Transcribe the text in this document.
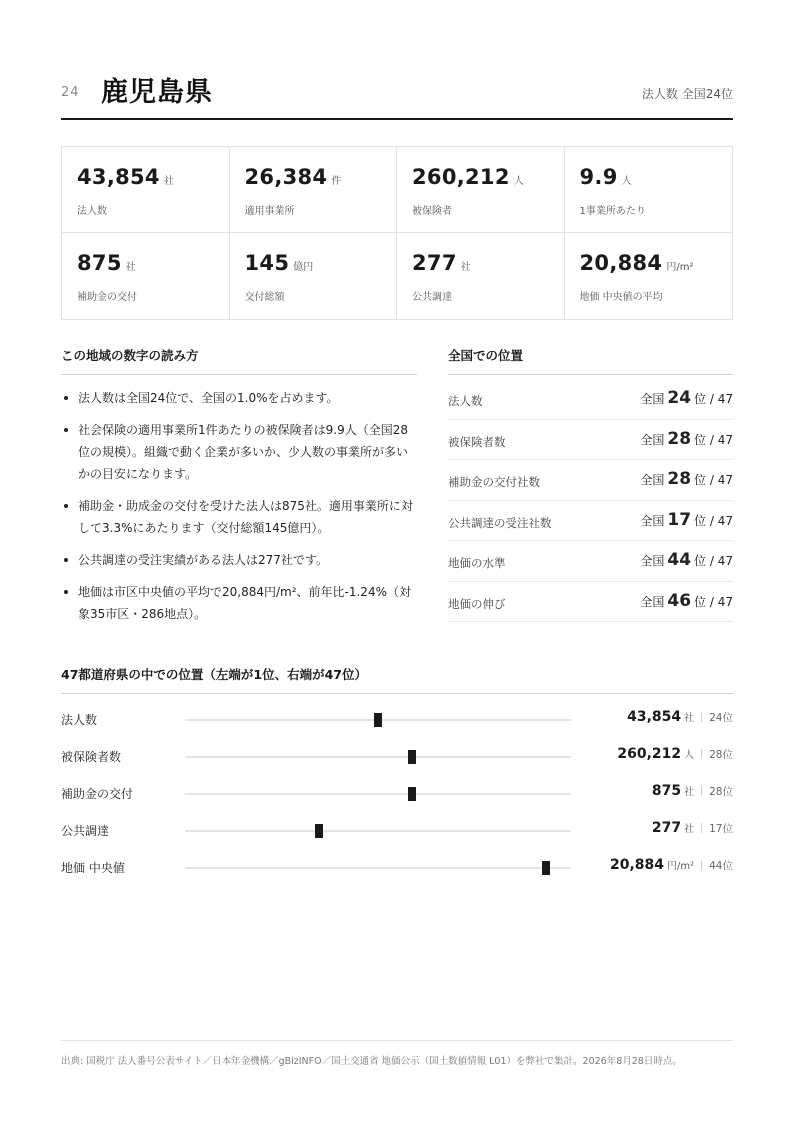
24 鹿児島県	法人数 全国24位
43,854 社
法人数
26,384 件
適用事業所
260,212 人
被保険者
9.9 人
1事業所あたり
875 社
補助金の交付
145 億円
交付総額
277 社
公共調達
20,884 円/m²
地価 中央値の平均
この地域の数字の読み方
法人数は全国24位で、全国の1.0%を占めます。
社会保険の適用事業所1件あたりの被保険者は9.9人（全国28位の規模）。組織で動く企業が多いか、少人数の事業所が多いかの目安になります。
補助金・助成金の交付を受けた法人は875社。適用事業所に対して3.3%にあたります（交付総額145億円）。
公共調達の受注実績がある法人は277社です。
地価は市区中央値の平均で20,884円/m²、前年比-1.24%（対象35市区・286地点）。
全国での位置
法人数	全国 24 位 / 47
被保険者数	全国 28 位 / 47
補助金の交付社数	全国 28 位 / 47
公共調達の受注社数	全国 17 位 / 47
地価の水準	全国 44 位 / 47
地価の伸び	全国 46 位 / 47
47都道府県の中での位置（左端が1位、右端が47位）
法人数	43,854 社 24位
被保険者数	260,212 人 28位
補助金の交付	875 社 28位
公共調達	277 社 17位
地価 中央値	20,884 円/m² 44位
出典: 国税庁 法人番号公表サイト／日本年金機構／gBizINFO／国土交通省 地価公示（国土数値情報 L01）を弊社で集計。2026年8月28日時点。
